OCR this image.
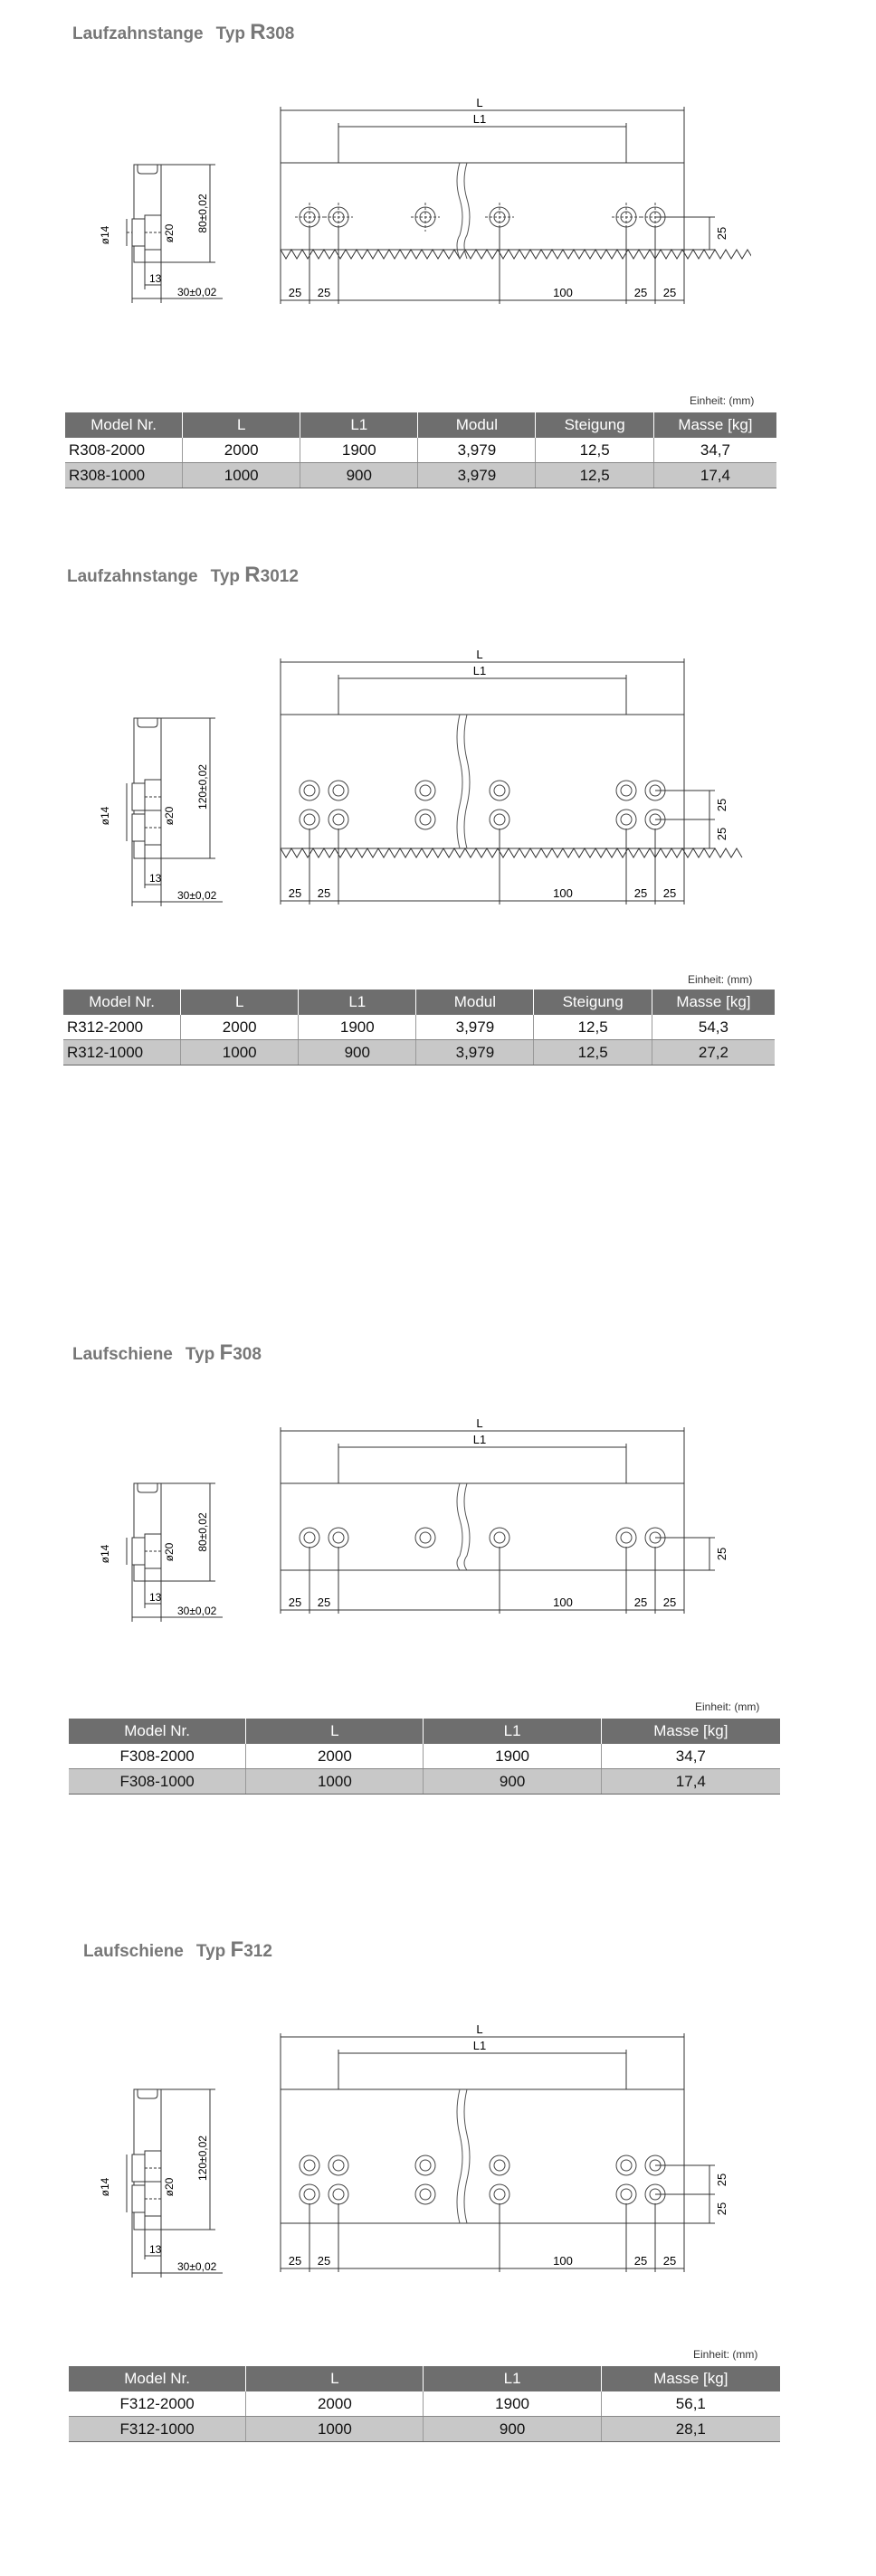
Laufzahnstange Typ R308
ø14	ø20
80±0,02
13
30±0,02
L
L1
25 25	100	25 25
25
Einheit: (mm)
Model Nr.	L	L1	Modul	Steigung	Masse [kg]
R308-2000	2000	1900	3,979	12,5	34,7
R308-1000	1000	900	3,979	12,5	17,4
Laufzahnstange Typ R3012
ø14	ø20
120±0,02
13
30±0,02
L
L1
25 25	100	25 25
25
25
Einheit: (mm)
Model Nr.	L	L1	Modul	Steigung	Masse [kg]
R312-2000	2000	1900	3,979	12,5	54,3
R312-1000	1000	900	3,979	12,5	27,2
Laufschiene Typ F308
ø14	ø20
80±0,02
13
30±0,02
L
L1
25 25	100	25 25
25
Einheit: (mm)
Model Nr.	L	L1	Masse [kg]
F308-2000	2000	1900	34,7
F308-1000	1000	900	17,4
Laufschiene Typ F312
ø14	ø20
120±0,02
13
30±0,02
L
L1
25 25	100	25 25
25
25
Einheit: (mm)
Model Nr.	L	L1	Masse [kg]
F312-2000	2000	1900	56,1
F312-1000	1000	900	28,1
